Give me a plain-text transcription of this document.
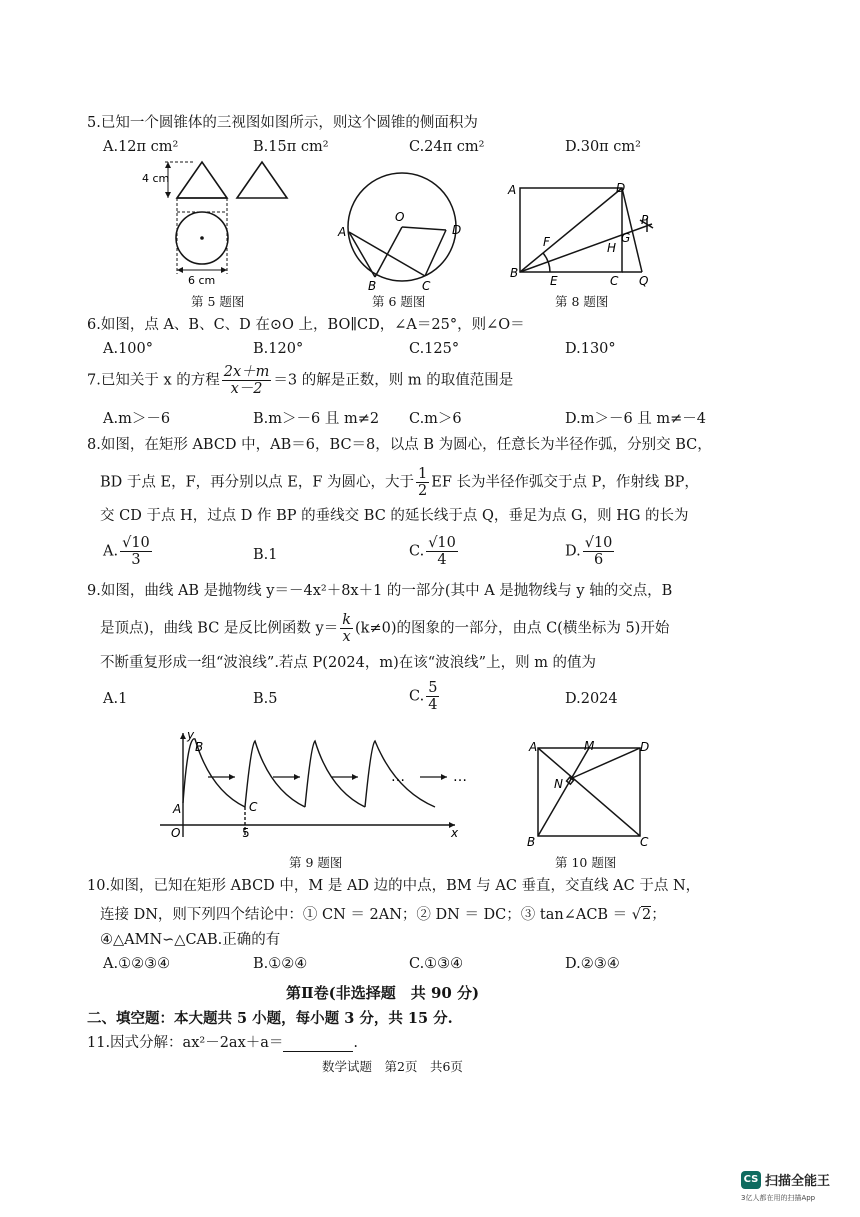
5.已知一个圆锥体的三视图如图所示，则这个圆锥的侧面积为
A.12π cm²	B.15π cm²	C.24π cm²	D.30π cm²
4 cm
6 cm
第 5 题图
O
A	D
B	C
第 6 题图
A	D
P
F	G
H
B
E	C Q
第 8 题图
6.如图，点 A、B、C、D 在⊙O 上，BO∥CD，∠A＝25°，则∠O＝
A.100°	B.120°	C.125°	D.130°
7.已知关于 x 的方程 $\frac{2x+m}{x-2} =3$ 的解是正数，则 m 的取值范围是
A.m＞－6	B.m＞－6 且 m≠2 C.m＞6	D.m＞－6 且 m≠－4
8.如图，在矩形 ABCD 中，AB＝6，BC＝8，以点 B 为圆心，任意长为半径作弧，分别交 BC，
BD 于点 E，F，再分别以点 E，F 为圆心，大于 $\frac{1}{2}$ EF 长为半径作弧交于点 P，作射线 BP，
交 CD 于点 H，过点 D 作 BP 的垂线交 BC 的延长线于点 Q，垂足为点 G，则 HG 的长为
A. $\frac{√10}{3}$	B.1	C. $\frac{√10}{4}$	D. $\frac{√10}{6}$
9.如图，曲线 AB 是抛物线 y＝－4x²＋8x＋1 的一部分(其中 A 是抛物线与 y 轴的交点，B
是顶点)，曲线 BC 是反比例函数 $y= \frac{k}{x} (k\ne 0)$的图象的一部分，由点 C(横坐标为 5)开始
不断重复形成一组“波浪线”.若点 P(2024，m)在该“波浪线”上，则 m 的值为
A.1	B.5	C. $\frac{5}{4}$	D.2024
…	…
y
x
O	5
A
B
C
第 9 题图
A	M	D
N
B	C
第 10 题图
10.如图，已知在矩形 ABCD 中，M 是 AD 边的中点，BM 与 AC 垂直，交直线 AC 于点 N，
连接 DN，则下列四个结论中：① CN ＝ 2AN；② DN ＝ DC；③ tan∠ACB ＝ √2；
④△AMN∽△CAB.正确的有
A.①②③④	B.①②④	C.①③④	D.②③④
第Ⅱ卷(非选择题　共 90 分)
二、填空题：本大题共 5 小题，每小题 3 分，共 15 分.
11.因式分解：ax²－2ax＋a＝	.
数学试题　第2页　共6页
CS 扫描全能王
3亿人都在用的扫描App
